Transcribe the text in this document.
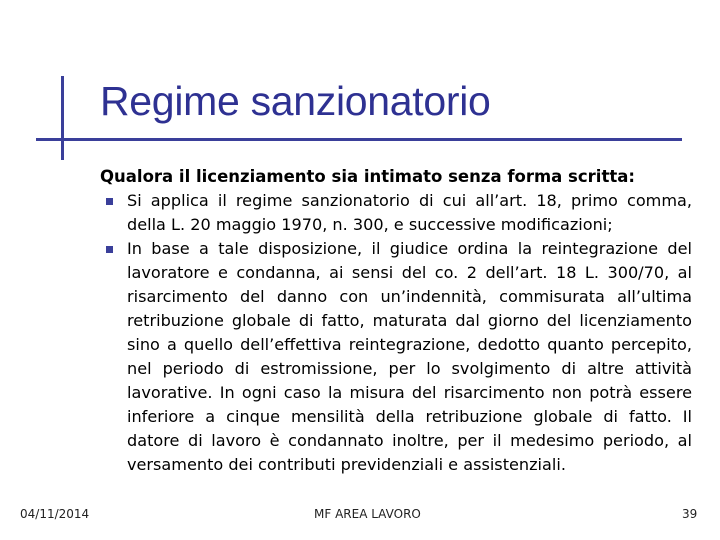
Regime sanzionatorio

Qualora il licenziamento sia intimato senza forma scritta:

Si applica il regime sanzionatorio di cui all’art. 18, primo comma, della L. 20 maggio 1970, n. 300, e successive modificazioni;
In base a tale disposizione, il giudice ordina la reintegrazione del lavoratore e condanna, ai sensi del co. 2 dell’art. 18 L. 300/70, al risarcimento del danno con un’indennità, commisurata all’ultima retribuzione globale di fatto, maturata dal giorno del licenziamento sino a quello dell’effettiva reintegrazione, dedotto quanto percepito, nel periodo di estromissione, per lo svolgimento di altre attività lavorative. In ogni caso la misura del risarcimento non potrà essere inferiore a cinque mensilità della retribuzione globale di fatto. Il datore di lavoro è condannato inoltre, per il medesimo periodo, al versamento dei contributi previdenziali e assistenziali.
04/11/2014	MF AREA LAVORO	39
